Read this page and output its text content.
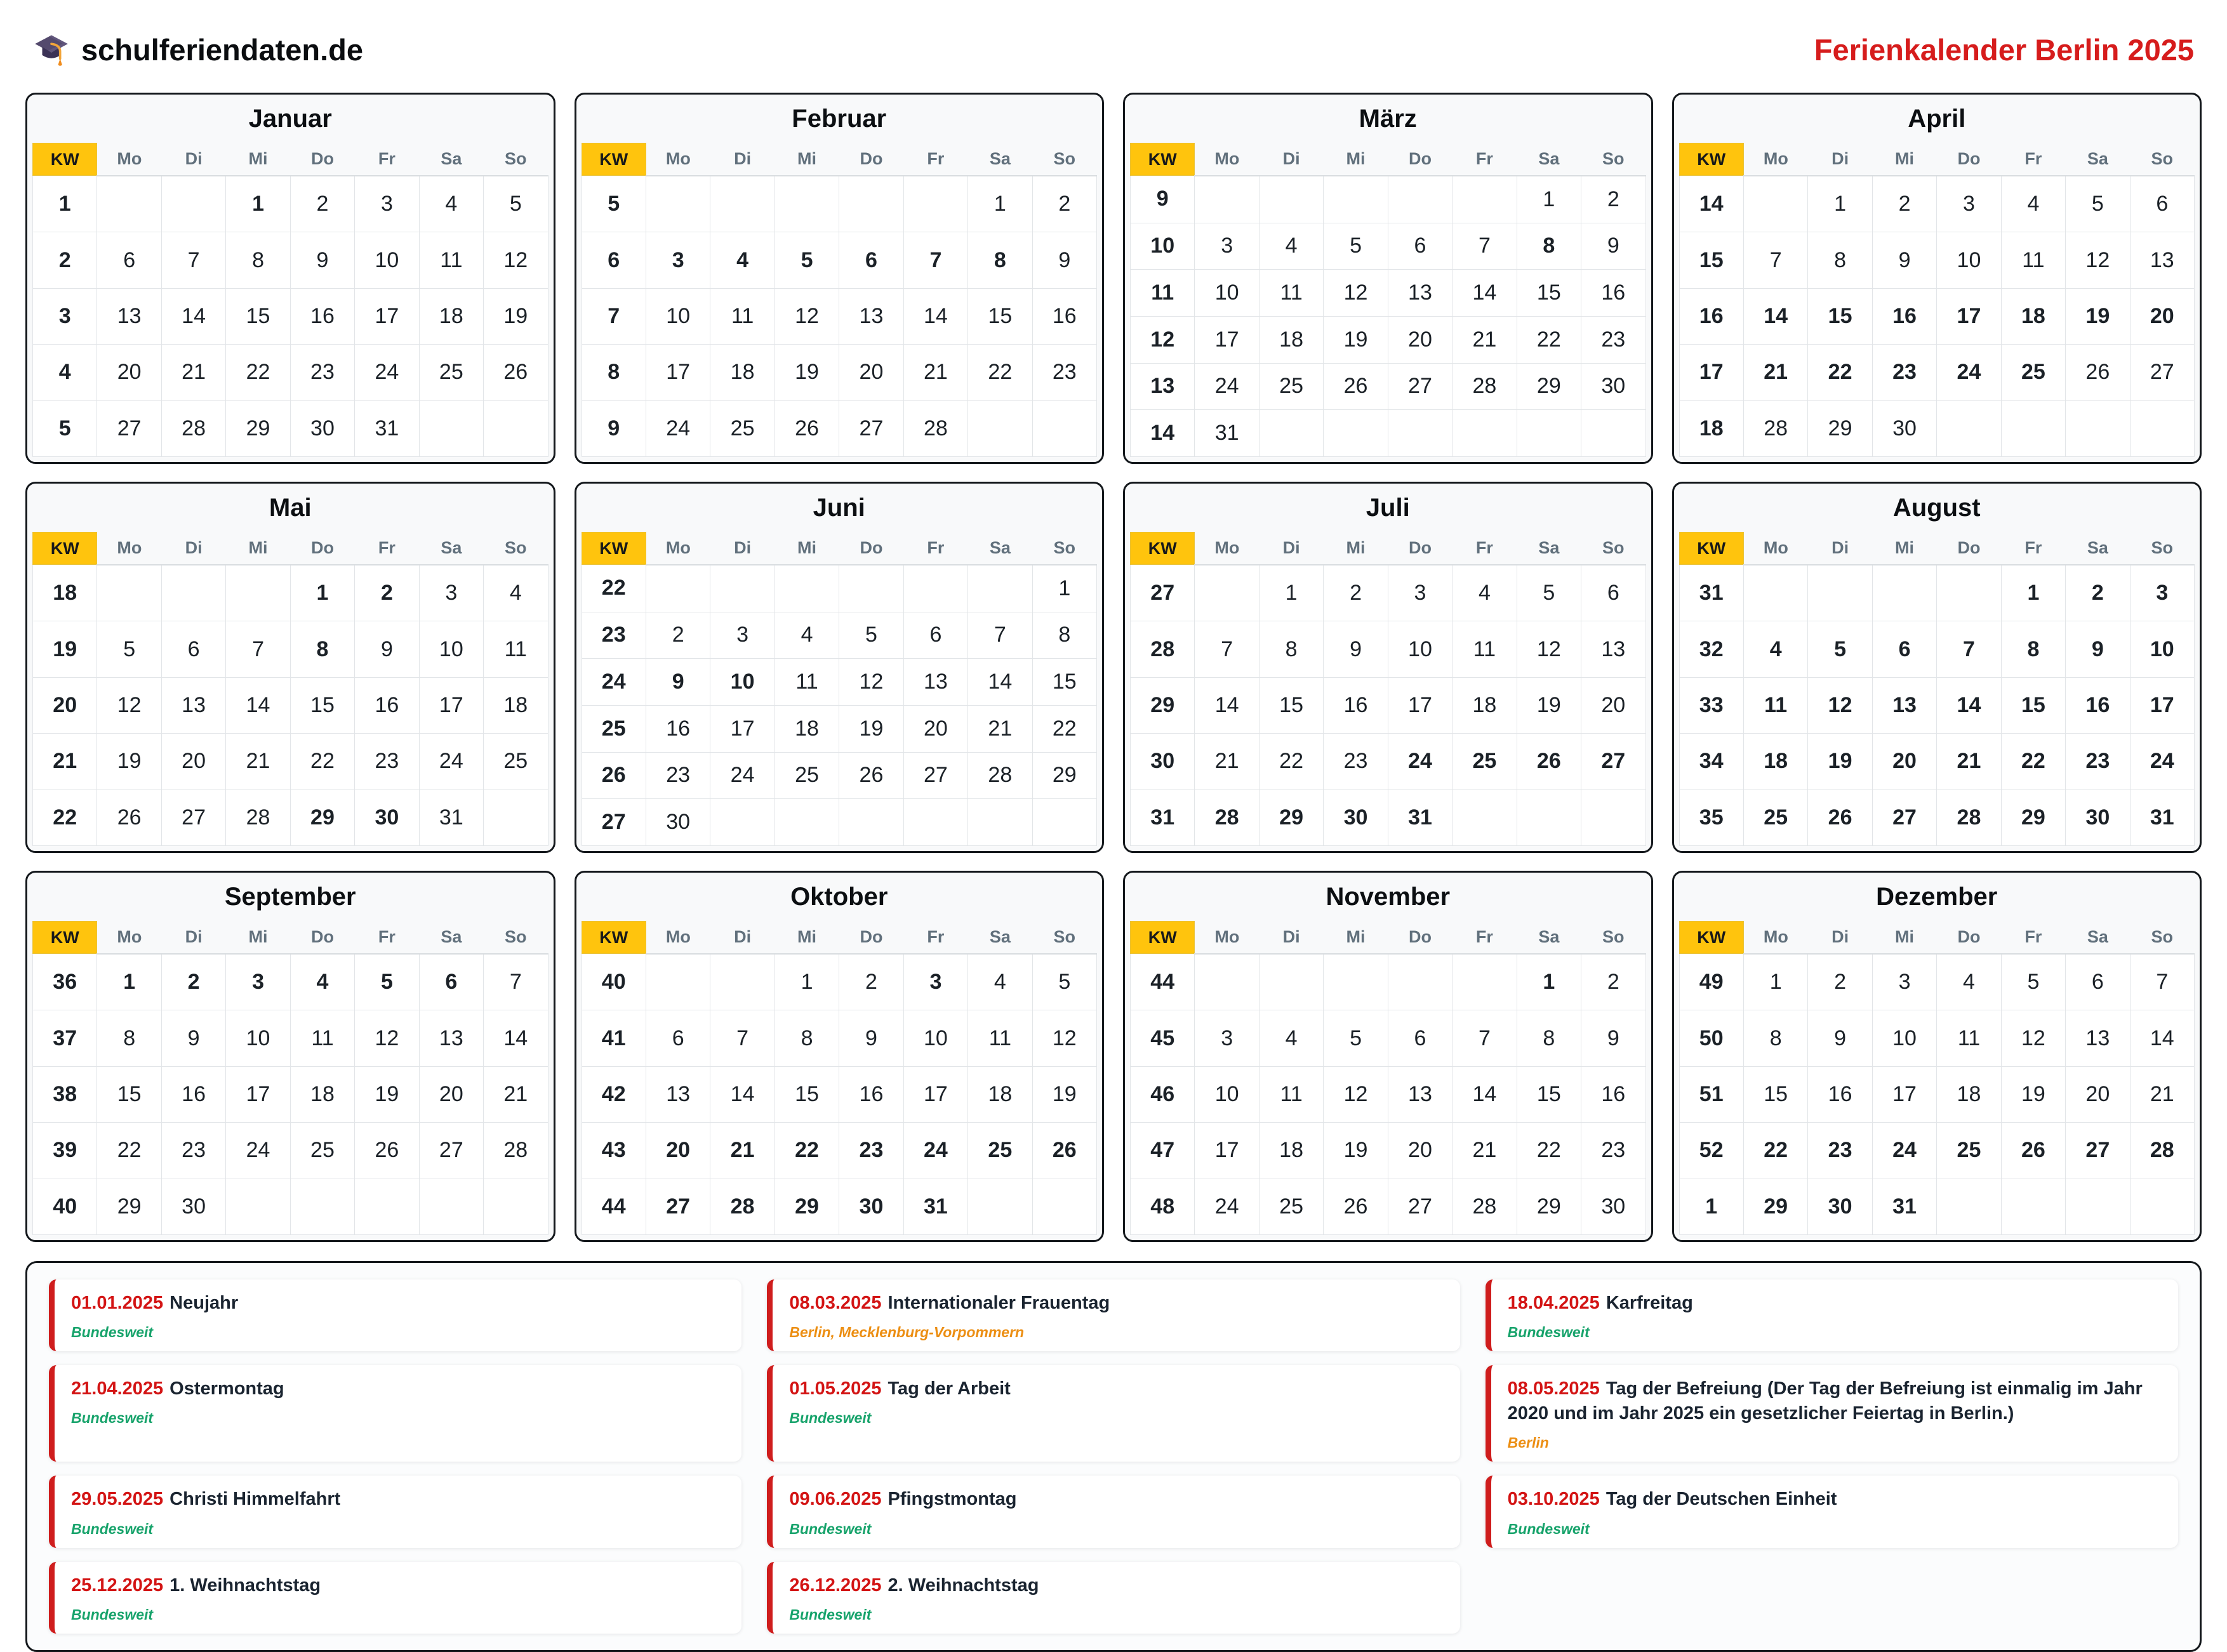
schulferiendaten.de	Ferienkalender Berlin 2025
Januar
KW	Mo	Di	Mi	Do	Fr	Sa	So
1			1	2	3	4	5
2	6	7	8	9	10	11	12
3	13	14	15	16	17	18	19
4	20	21	22	23	24	25	26
5	27	28	29	30	31		
Februar
KW	Mo	Di	Mi	Do	Fr	Sa	So
5						1	2
6	3	4	5	6	7	8	9
7	10	11	12	13	14	15	16
8	17	18	19	20	21	22	23
9	24	25	26	27	28		
März
KW	Mo	Di	Mi	Do	Fr	Sa	So
9						1	2
10	3	4	5	6	7	8	9
11	10	11	12	13	14	15	16
12	17	18	19	20	21	22	23
13	24	25	26	27	28	29	30
14	31						
April
KW	Mo	Di	Mi	Do	Fr	Sa	So
14		1	2	3	4	5	6
15	7	8	9	10	11	12	13
16	14	15	16	17	18	19	20
17	21	22	23	24	25	26	27
18	28	29	30				
Mai
KW	Mo	Di	Mi	Do	Fr	Sa	So
18				1	2	3	4
19	5	6	7	8	9	10	11
20	12	13	14	15	16	17	18
21	19	20	21	22	23	24	25
22	26	27	28	29	30	31	
Juni
KW	Mo	Di	Mi	Do	Fr	Sa	So
22							1
23	2	3	4	5	6	7	8
24	9	10	11	12	13	14	15
25	16	17	18	19	20	21	22
26	23	24	25	26	27	28	29
27	30						
Juli
KW	Mo	Di	Mi	Do	Fr	Sa	So
27		1	2	3	4	5	6
28	7	8	9	10	11	12	13
29	14	15	16	17	18	19	20
30	21	22	23	24	25	26	27
31	28	29	30	31			
August
KW	Mo	Di	Mi	Do	Fr	Sa	So
31					1	2	3
32	4	5	6	7	8	9	10
33	11	12	13	14	15	16	17
34	18	19	20	21	22	23	24
35	25	26	27	28	29	30	31
September
KW	Mo	Di	Mi	Do	Fr	Sa	So
36	1	2	3	4	5	6	7
37	8	9	10	11	12	13	14
38	15	16	17	18	19	20	21
39	22	23	24	25	26	27	28
40	29	30					
Oktober
KW	Mo	Di	Mi	Do	Fr	Sa	So
40			1	2	3	4	5
41	6	7	8	9	10	11	12
42	13	14	15	16	17	18	19
43	20	21	22	23	24	25	26
44	27	28	29	30	31		
November
KW	Mo	Di	Mi	Do	Fr	Sa	So
44						1	2
45	3	4	5	6	7	8	9
46	10	11	12	13	14	15	16
47	17	18	19	20	21	22	23
48	24	25	26	27	28	29	30
Dezember
KW	Mo	Di	Mi	Do	Fr	Sa	So
49	1	2	3	4	5	6	7
50	8	9	10	11	12	13	14
51	15	16	17	18	19	20	21
52	22	23	24	25	26	27	28
1	29	30	31				
01.01.2025 Neujahr
Bundesweit
08.03.2025 Internationaler Frauentag
Berlin, Mecklenburg-Vorpommern
18.04.2025 Karfreitag
Bundesweit
21.04.2025 Ostermontag
Bundesweit
01.05.2025 Tag der Arbeit
Bundesweit
08.05.2025 Tag der Befreiung (Der Tag der Befreiung ist einmalig im Jahr 2020 und im Jahr 2025 ein gesetzlicher Feiertag in Berlin.)
Berlin
29.05.2025 Christi Himmelfahrt
Bundesweit
09.06.2025 Pfingstmontag
Bundesweit
03.10.2025 Tag der Deutschen Einheit
Bundesweit
25.12.2025 1. Weihnachtstag
Bundesweit
26.12.2025 2. Weihnachtstag
Bundesweit
